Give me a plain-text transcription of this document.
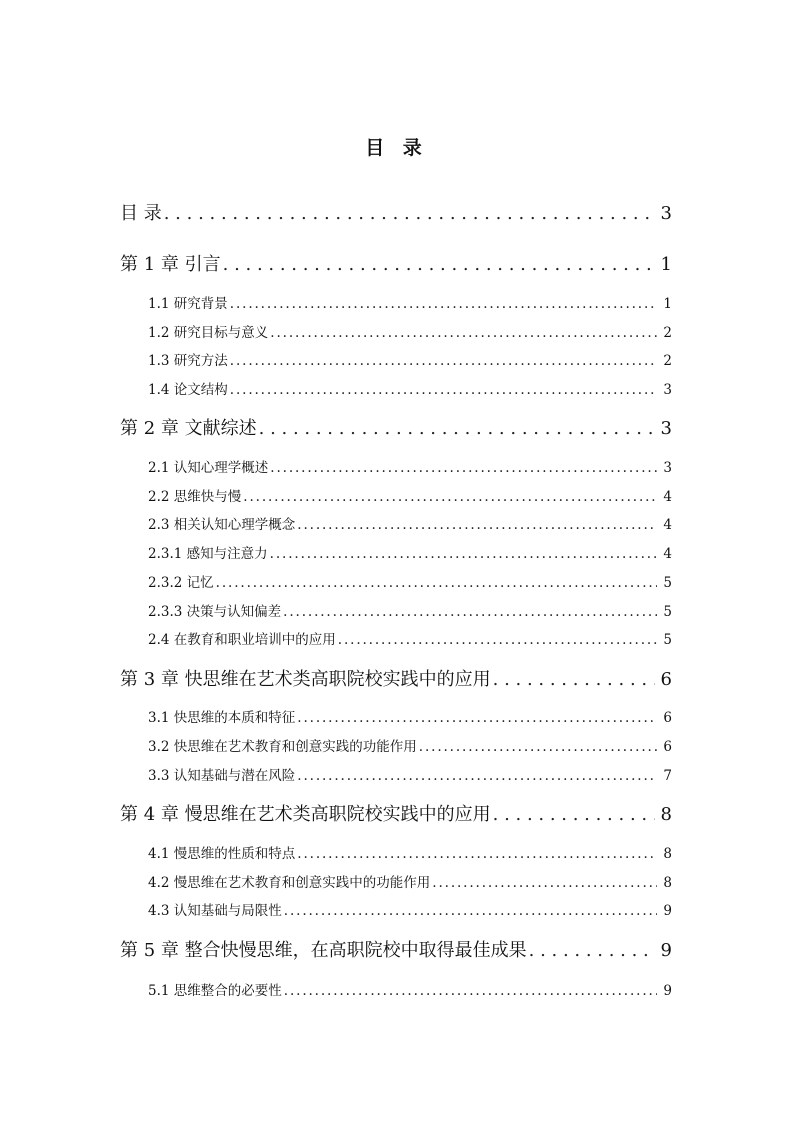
目 录
目 录 . . .	3
第 1 章 引言 . . .	1
1.1 研究背景 . . .	1
1.2 研究目标与意义 . . .	2
1.3 研究方法 . . .	2
1.4 论文结构 . . .	3
第 2 章 文献综述 . . .	3
2.1 认知心理学概述 . . .	3
2.2 思维快与慢 . . .	4
2.3 相关认知心理学概念 . . .	4
2.3.1 感知与注意力 . . .	4
2.3.2 记忆 . . .	5
2.3.3 决策与认知偏差 . . .	5
2.4 在教育和职业培训中的应用 . . .	5
第 3 章 快思维在艺术类高职院校实践中的应用 . . .	6
3.1 快思维的本质和特征 . . .	6
3.2 快思维在艺术教育和创意实践的功能作用 . . .	6
3.3 认知基础与潜在风险 . . .	7
第 4 章 慢思维在艺术类高职院校实践中的应用 . . .	8
4.1 慢思维的性质和特点 . . .	8
4.2 慢思维在艺术教育和创意实践中的功能作用 . . .	8
4.3 认知基础与局限性 . . .	9
第 5 章 整合快慢思维，在高职院校中取得最佳成果 . . .	9
5.1 思维整合的必要性 . . .	9
